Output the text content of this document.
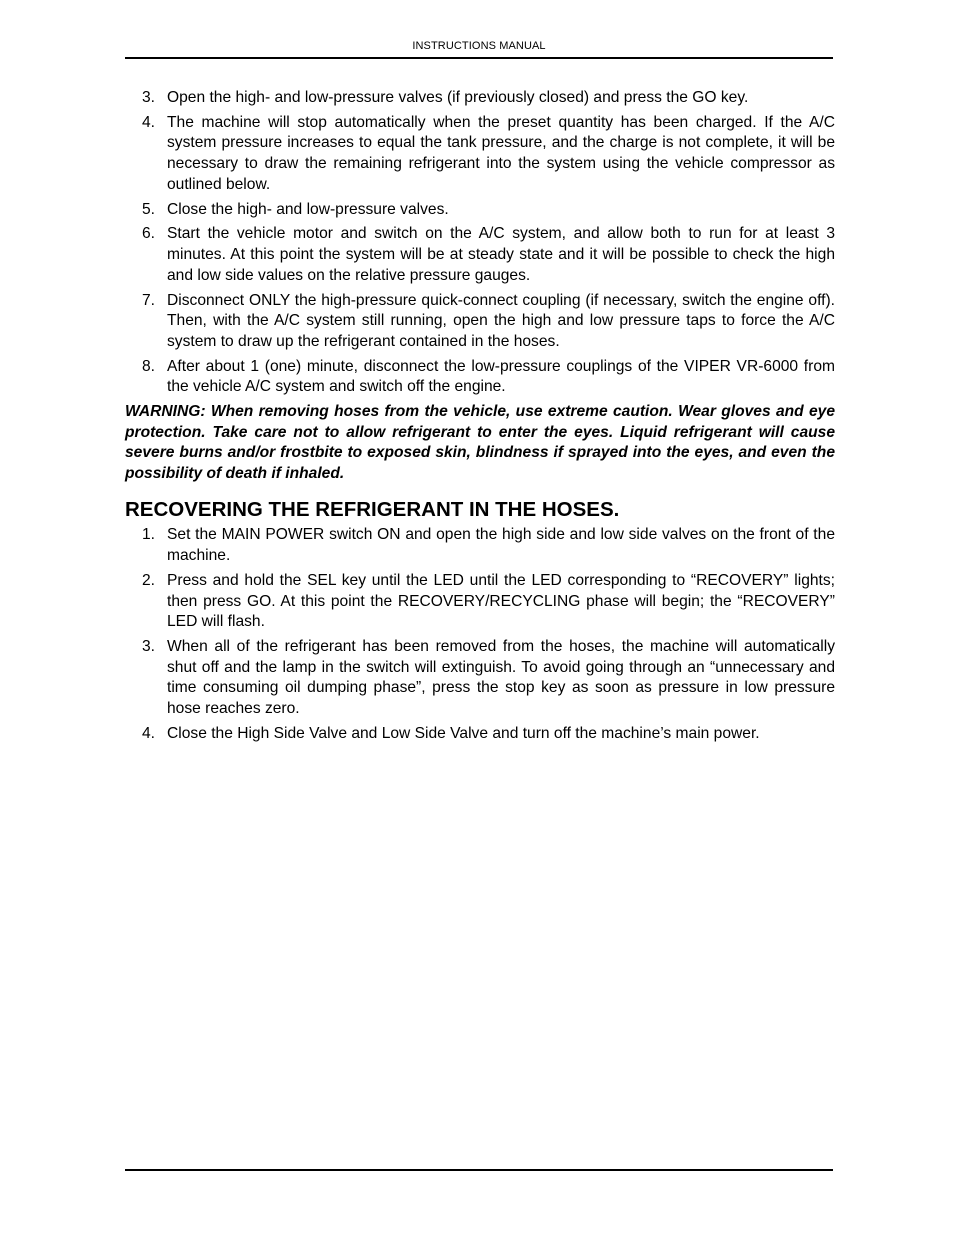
INSTRUCTIONS MANUAL
3. Open the high- and low-pressure valves (if previously closed) and press the GO key.
4. The machine will stop automatically when the preset quantity has been charged. If the A/C system pressure increases to equal the tank pressure, and the charge is not complete, it will be necessary to draw the remaining refrigerant into the system using the vehicle compressor as outlined below.
5. Close the high- and low-pressure valves.
6. Start the vehicle motor and switch on the A/C system, and allow both to run for at least 3 minutes. At this point the system will be at steady state and it will be possible to check the high and low side values on the relative pressure gauges.
7. Disconnect ONLY the high-pressure quick-connect coupling (if necessary, switch the engine off). Then, with the A/C system still running, open the high and low pressure taps to force the A/C system to draw up the refrigerant contained in the hoses.
8. After about 1 (one) minute, disconnect the low-pressure couplings of the VIPER VR-6000 from the vehicle A/C system and switch off the engine.

WARNING: When removing hoses from the vehicle, use extreme caution. Wear gloves and eye protection. Take care not to allow refrigerant to enter the eyes. Liquid refrigerant will cause severe burns and/or frostbite to exposed skin, blindness if sprayed into the eyes, and even the possibility of death if inhaled.

RECOVERING THE REFRIGERANT IN THE HOSES.
1. Set the MAIN POWER switch ON and open the high side and low side valves on the front of the machine.
2. Press and hold the SEL key until the LED until the LED corresponding to “RECOVERY” lights; then press GO. At this point the RECOVERY/RECYCLING phase will begin; the “RECOVERY” LED will flash.
3. When all of the refrigerant has been removed from the hoses, the machine will automatically shut off and the lamp in the switch will extinguish. To avoid going through an “unnecessary and time consuming oil dumping phase”, press the stop key as soon as pressure in low pressure hose reaches zero.
4. Close the High Side Valve and Low Side Valve and turn off the machine’s main power.
